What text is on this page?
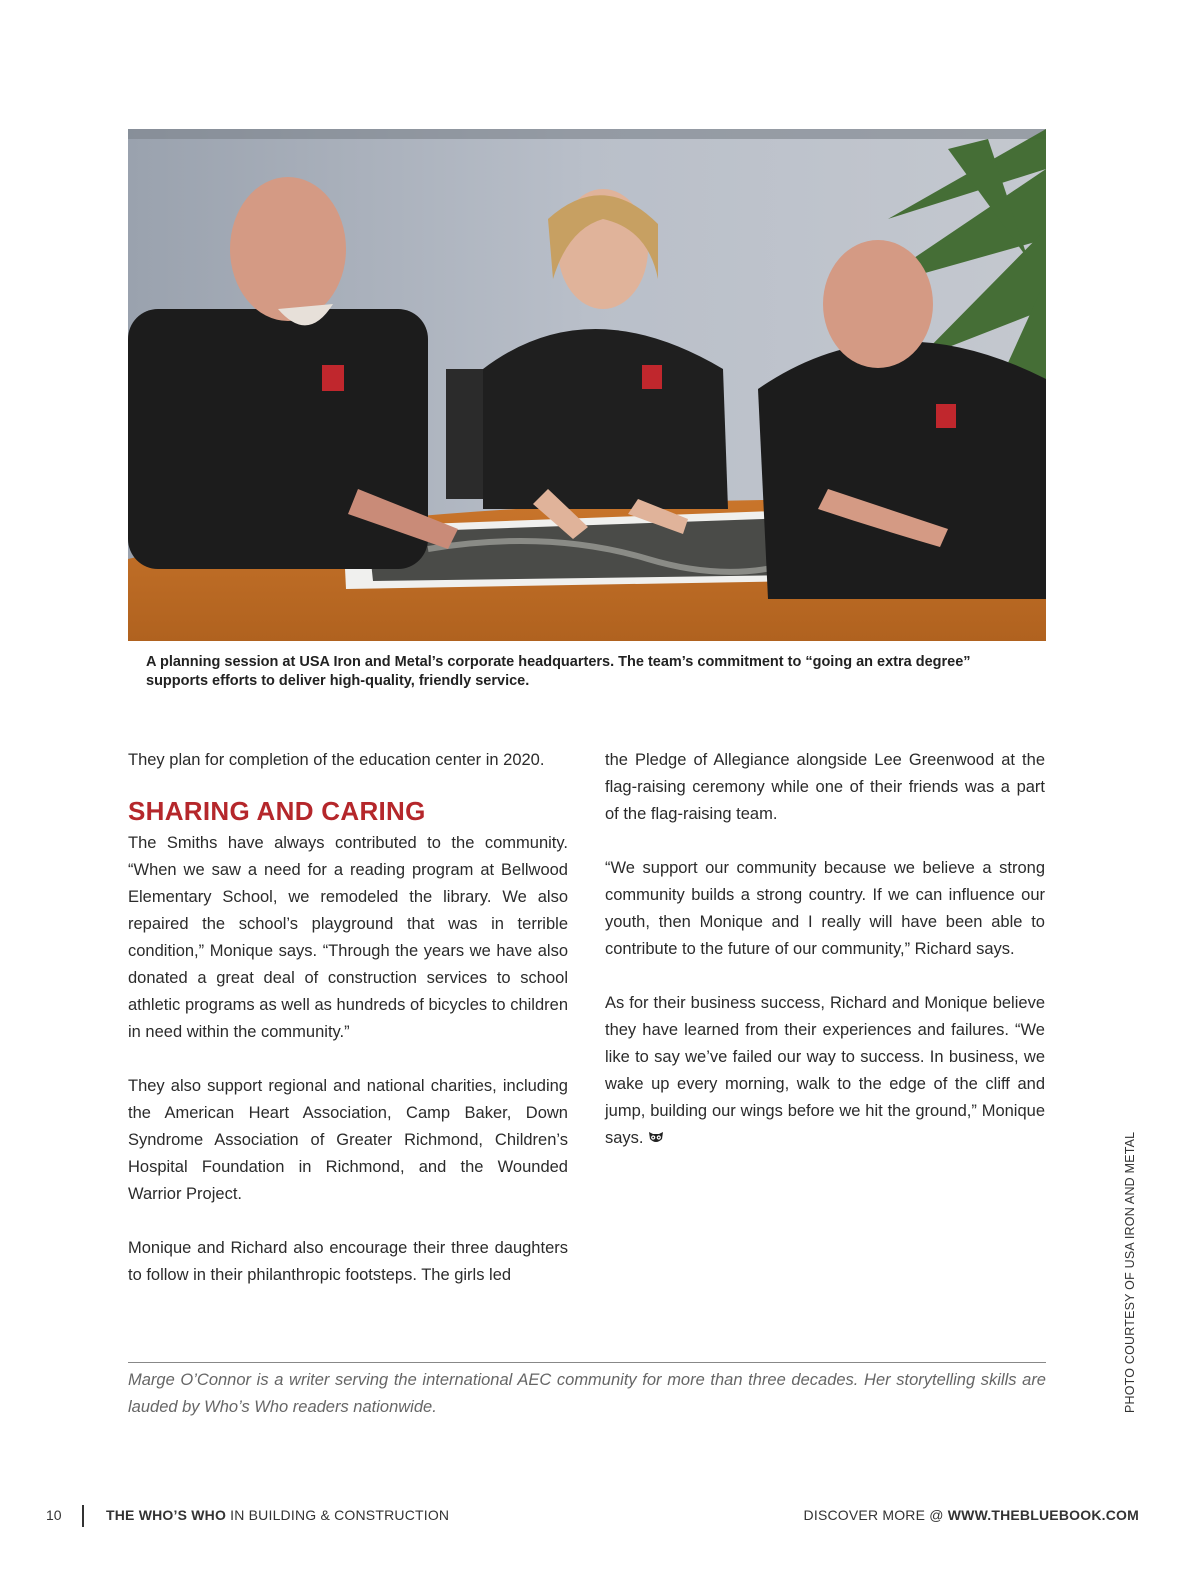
A planning session at USA Iron and Metal’s corporate headquarters. The team’s commitment to “going an extra degree” supports efforts to deliver high-quality, friendly service.

They plan for completion of the education center in 2020.

SHARING AND CARING

The Smiths have always contributed to the community. “When we saw a need for a reading program at Bellwood Elementary School, we remodeled the library. We also repaired the school’s playground that was in terrible condition,” Monique says. “Through the years we have also donated a great deal of construction services to school athletic programs as well as hundreds of bicycles to children in need within the community.”

They also support regional and national charities, including the American Heart Association, Camp Baker, Down Syndrome Association of Greater Richmond, Children’s Hospital Foundation in Richmond, and the Wounded Warrior Project.

Monique and Richard also encourage their three daughters to follow in their philanthropic footsteps. The girls led

the Pledge of Allegiance alongside Lee Greenwood at the flag-raising ceremony while one of their friends was a part of the flag-raising team.

“We support our community because we believe a strong community builds a strong country. If we can influence our youth, then Monique and I really will have been able to contribute to the future of our community,” Richard says.

As for their business success, Richard and Monique believe they have learned from their experiences and failures. “We like to say we’ve failed our way to success. In business, we wake up every morning, walk to the edge of the cliff and jump, building our wings before we hit the ground,” Monique says.

Marge O’Connor is a writer serving the international AEC community for more than three decades. Her storytelling skills are lauded by Who’s Who readers nationwide.	PHOTO COURTESY OF USA IRON AND METAL
10	THE WHO’S WHO IN BUILDING & CONSTRUCTION	DISCOVER MORE @ WWW.THEBLUEBOOK.COM
